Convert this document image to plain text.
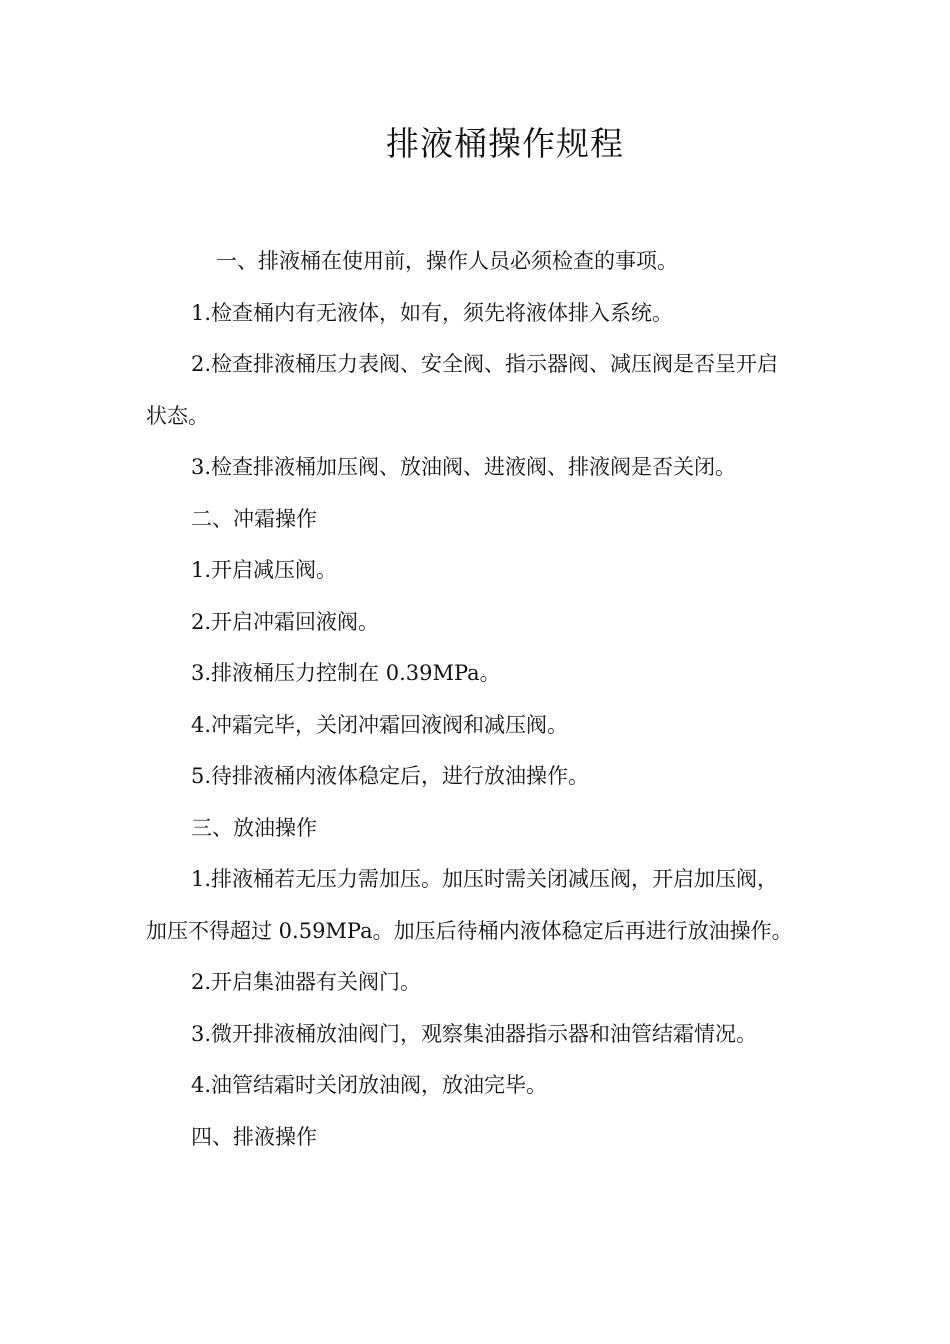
排液桶操作规程

一、排液桶在使用前，操作人员必须检查的事项。

1.检查桶内有无液体，如有，须先将液体排入系统。

2.检查排液桶压力表阀、安全阀、指示器阀、减压阀是否呈开启状态。

3.检查排液桶加压阀、放油阀、进液阀、排液阀是否关闭。

二、冲霜操作

1.开启减压阀。

2.开启冲霜回液阀。

3.排液桶压力控制在 0.39MPa。

4.冲霜完毕，关闭冲霜回液阀和减压阀。

5.待排液桶内液体稳定后，进行放油操作。

三、放油操作

1.排液桶若无压力需加压。加压时需关闭减压阀，开启加压阀，加压不得超过 0.59MPa。加压后待桶内液体稳定后再进行放油操作。

2.开启集油器有关阀门。

3.微开排液桶放油阀门，观察集油器指示器和油管结霜情况。

4.油管结霜时关闭放油阀，放油完毕。

四、排液操作
